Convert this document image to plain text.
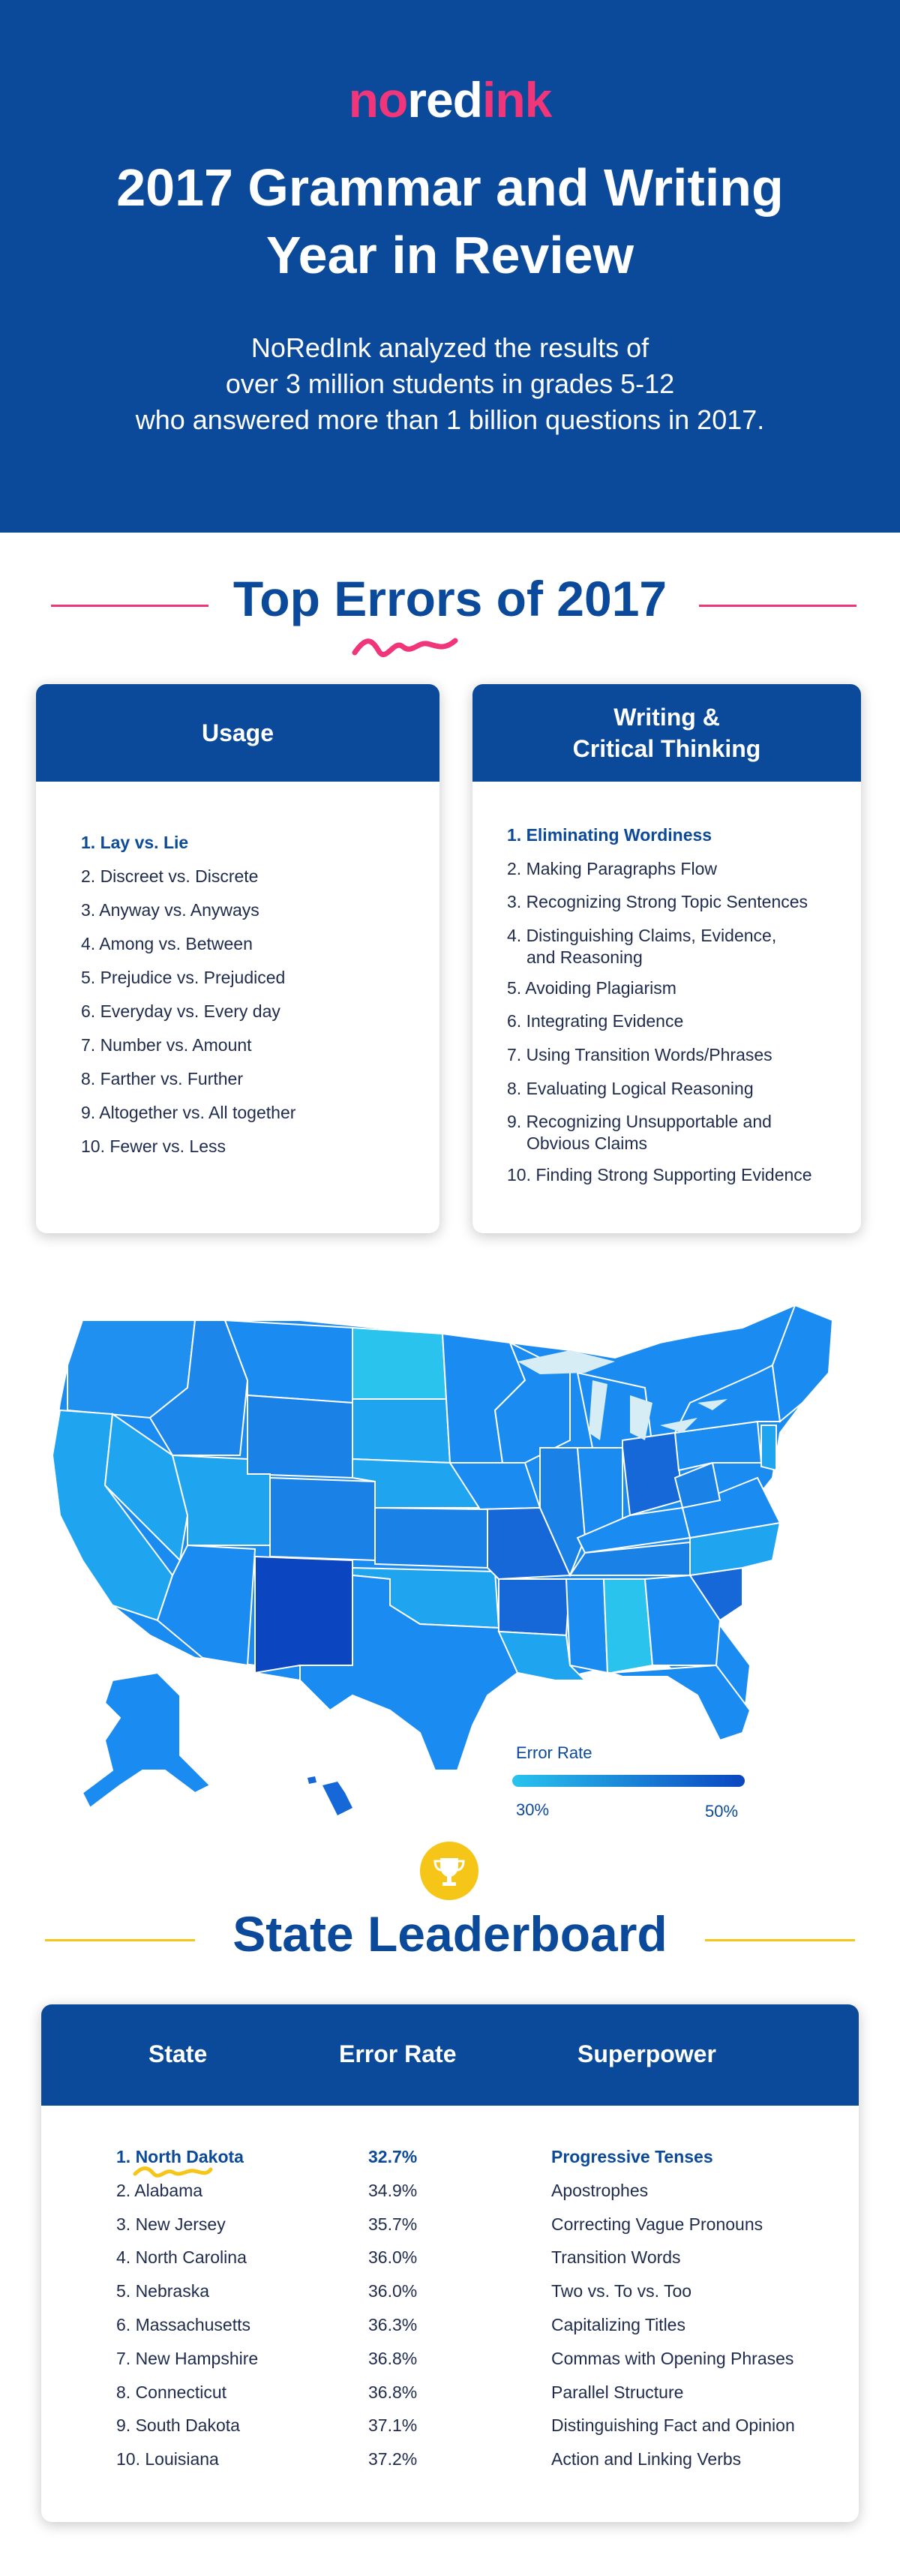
noredink
2017 Grammar and Writing
Year in Review

NoRedInk analyzed the results of
over 3 million students in grades 5-12
who answered more than 1 billion questions in 2017.

Top Errors of 2017
Usage
1. Lay vs. Lie
2. Discreet vs. Discrete
3. Anyway vs. Anyways
4. Among vs. Between
5. Prejudice vs. Prejudiced
6. Everyday vs. Every day
7. Number vs. Amount
8. Farther vs. Further
9. Altogether vs. All together
10. Fewer vs. Less
Writing &
Critical Thinking
1. Eliminating Wordiness
2. Making Paragraphs Flow
3. Recognizing Strong Topic Sentences
4. Distinguishing Claims, Evidence,
and Reasoning
5. Avoiding Plagiarism
6. Integrating Evidence
7. Using Transition Words/Phrases
8. Evaluating Logical Reasoning
9. Recognizing Unsupportable and
Obvious Claims
10. Finding Strong Supporting Evidence
Error Rate
30%	50%
State Leaderboard
State	Error Rate	Superpower
1. North Dakota	32.7%	Progressive Tenses
2. Alabama	34.9%	Apostrophes
3. New Jersey	35.7%	Correcting Vague Pronouns
4. North Carolina	36.0%	Transition Words
5. Nebraska	36.0%	Two vs. To vs. Too
6. Massachusetts	36.3%	Capitalizing Titles
7. New Hampshire	36.8%	Commas with Opening Phrases
8. Connecticut	36.8%	Parallel Structure
9. South Dakota	37.1%	Distinguishing Fact and Opinion
10. Louisiana	37.2%	Action and Linking Verbs
